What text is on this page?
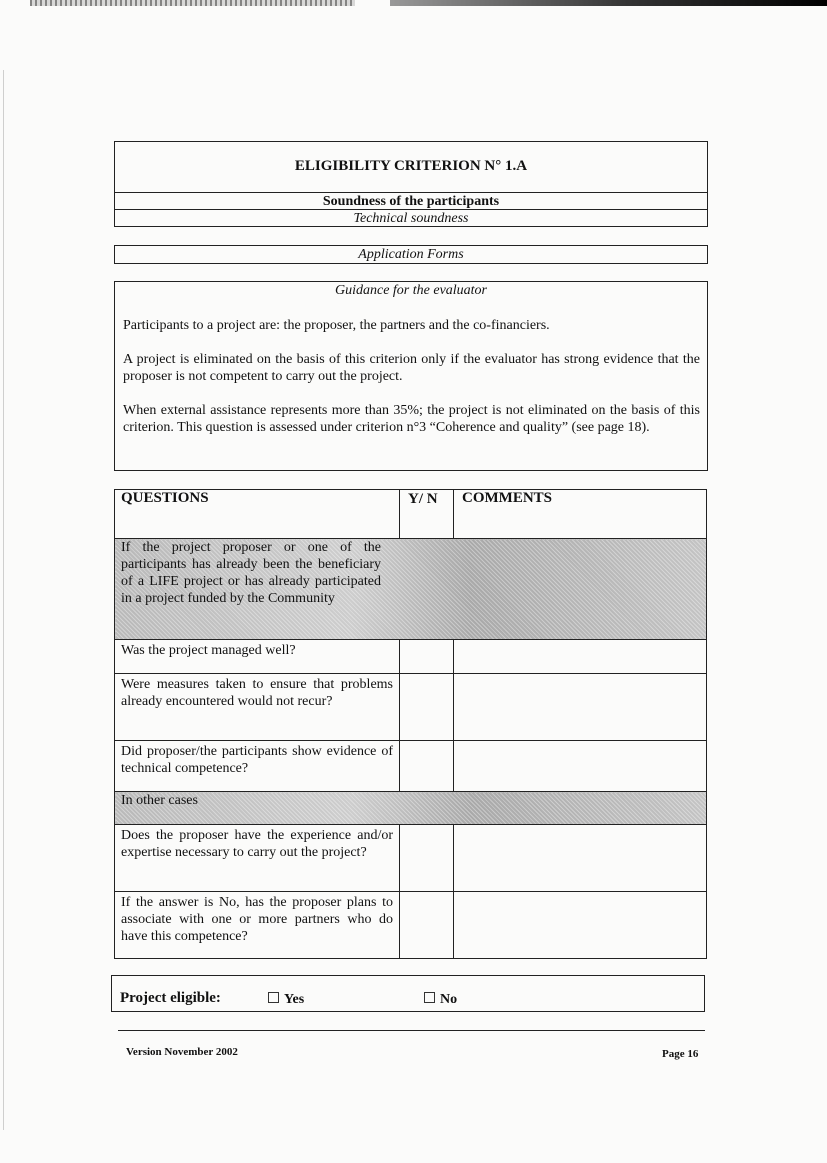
ELIGIBILITY CRITERION N° 1.A
Soundness of the participants
Technical soundness
Application Forms
Guidance for the evaluator

Participants to a project are: the proposer, the partners and the co-financiers.

A project is eliminated on the basis of this criterion only if the evaluator has strong evidence that the proposer is not competent to carry out the project.

When external assistance represents more than 35%; the project is not eliminated on the basis of this criterion. This question is assessed under criterion n°3 “Coherence and quality” (see page 18).

QUESTIONS	Y/ N	COMMENTS

If the project proposer or one of the participants has already been the beneficiary of a LIFE project or has already participated in a project funded by the Community		

Was the project managed well?		
Were measures taken to ensure that problems already encountered would not recur?		
Did proposer/the participants show evidence of technical competence?		

In other cases		

Does the proposer have the experience and/or expertise necessary to carry out the project?		
If the answer is No, has the proposer plans to associate with one or more partners who do have this competence?		
Project eligible:	Yes	No
Version November 2002	Page 16
